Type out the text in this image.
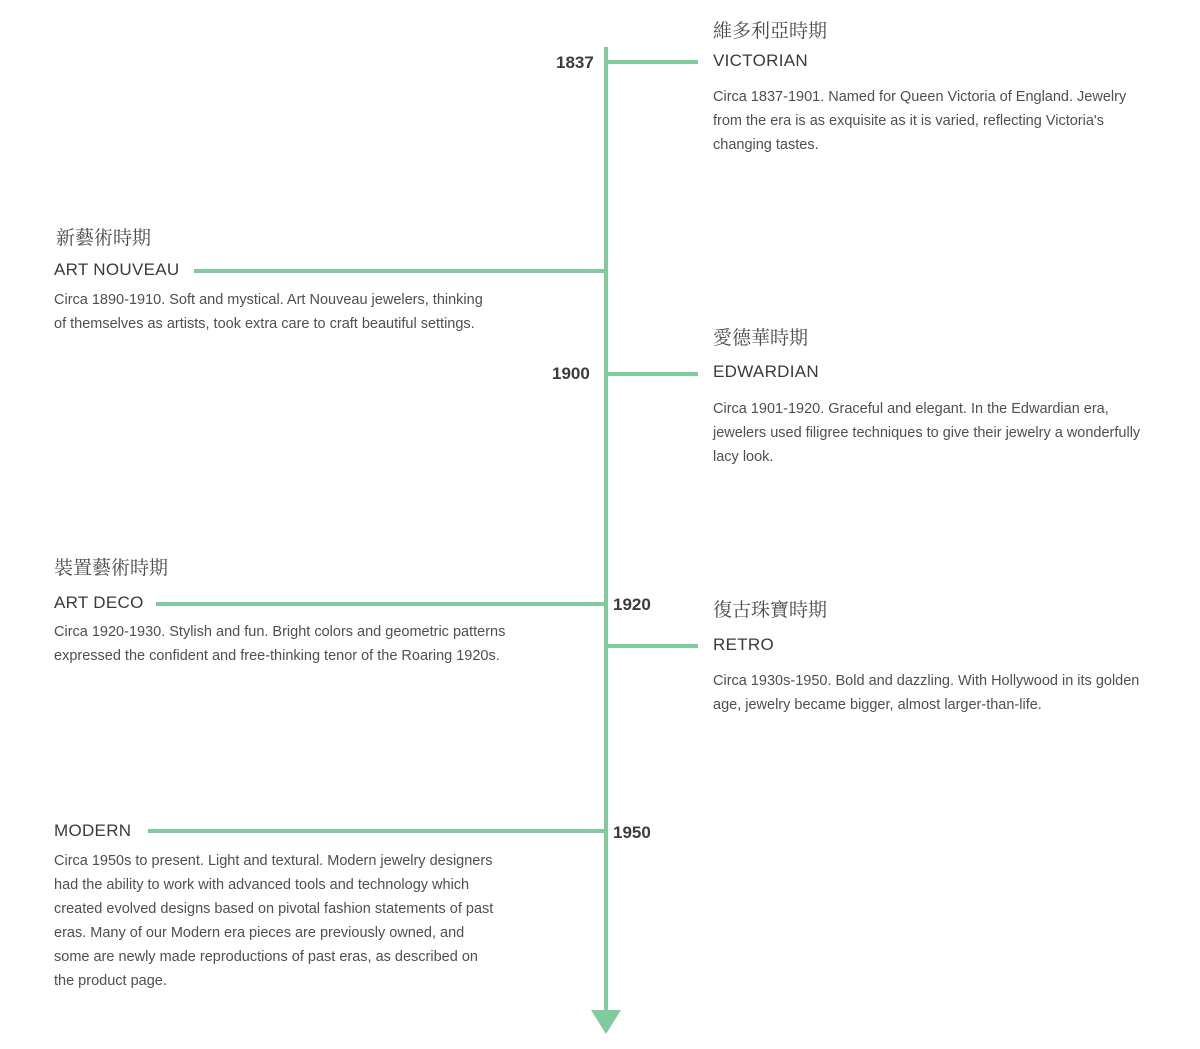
1837
1900
1920
1950
維多利亞時期
VICTORIAN

Circa 1837-1901. Named for Queen Victoria of England. Jewelry from the era is as exquisite as it is varied, reflecting Victoria's changing tastes.

新藝術時期
ART NOUVEAU

Circa 1890-1910. Soft and mystical. Art Nouveau jewelers, thinking of themselves as artists, took extra care to craft beautiful settings.

愛德華時期
EDWARDIAN

Circa 1901-1920. Graceful and elegant. In the Edwardian era, jewelers used filigree techniques to give their jewelry a wonderfully lacy look.

裝置藝術時期
ART DECO

Circa 1920-1930. Stylish and fun. Bright colors and geometric patterns expressed the confident and free-thinking tenor of the Roaring 1920s.

復古珠寶時期
RETRO

Circa 1930s-1950. Bold and dazzling. With Hollywood in its golden age, jewelry became bigger, almost larger-than-life.

MODERN

Circa 1950s to present. Light and textural. Modern jewelry designers had the ability to work with advanced tools and technology which created evolved designs based on pivotal fashion statements of past eras. Many of our Modern era pieces are previously owned, and some are newly made reproductions of past eras, as described on the product page.
